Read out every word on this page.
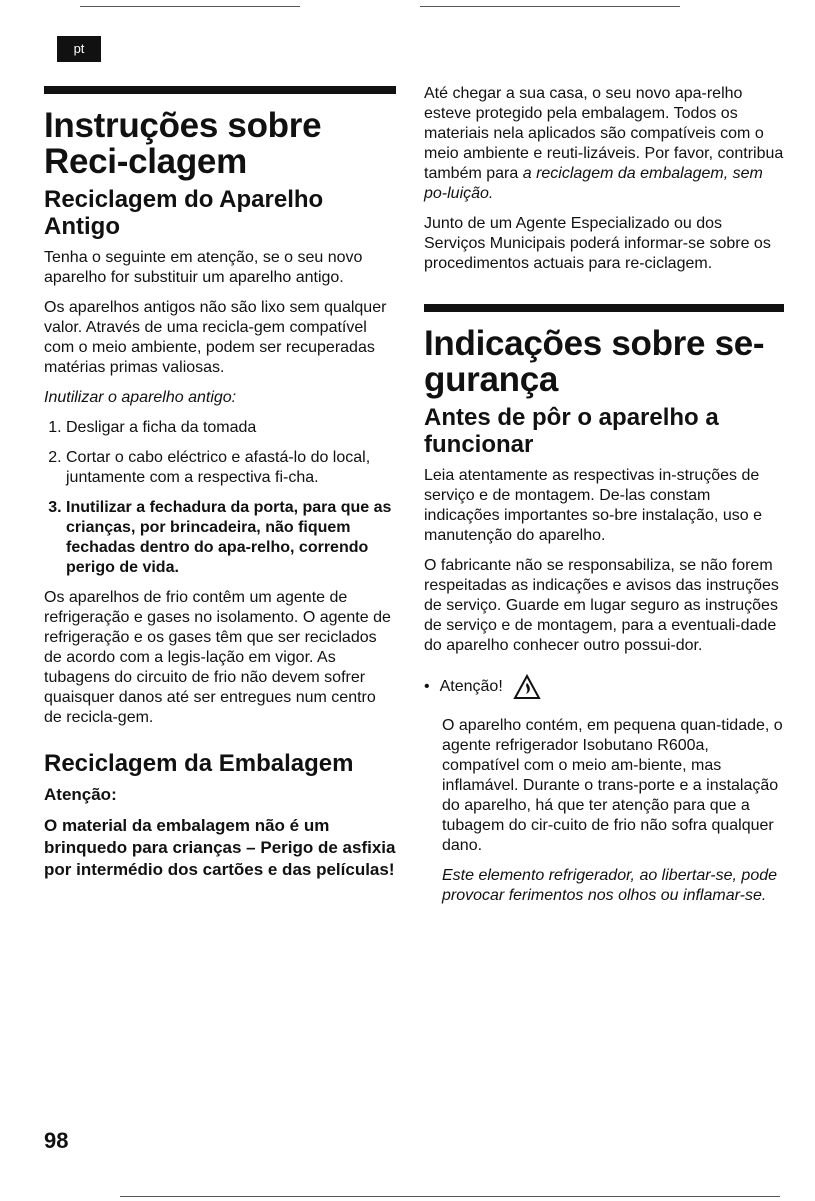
pt
Instruções sobre Reci-clagem
Reciclagem do Aparelho Antigo

Tenha o seguinte em atenção, se o seu novo aparelho for substituir um aparelho antigo.

Os aparelhos antigos não são lixo sem qualquer valor. Através de uma recicla-gem compatível com o meio ambiente, podem ser recuperadas matérias primas valiosas.

Inutilizar o aparelho antigo:

1. Desligar a ficha da tomada
2. Cortar o cabo eléctrico e afastá-lo do local, juntamente com a respectiva fi-cha.
3. Inutilizar a fechadura da porta, para que as crianças, por brincadeira, não fiquem fechadas dentro do apa-relho, correndo perigo de vida.

Os aparelhos de frio contêm um agente de refrigeração e gases no isolamento. O agente de refrigeração e os gases têm que ser reciclados de acordo com a legis-lação em vigor. As tubagens do circuito de frio não devem sofrer quaisquer danos até ser entregues num centro de recicla-gem.

Reciclagem da Embalagem
Atenção:

O material da embalagem não é um brinquedo para crianças – Perigo de asfixia por intermédio dos cartões e das películas!

Até chegar a sua casa, o seu novo apa-relho esteve protegido pela embalagem. Todos os materiais nela aplicados são compatíveis com o meio ambiente e reuti-lizáveis. Por favor, contribua também para a reciclagem da embalagem, sem po-luição.

Junto de um Agente Especializado ou dos Serviços Municipais poderá informar-se sobre os procedimentos actuais para re-ciclagem.

Indicações sobre se-gurança
Antes de pôr o aparelho a funcionar

Leia atentamente as respectivas in-struções de serviço e de montagem. De-las constam indicações importantes so-bre instalação, uso e manutenção do aparelho.

O fabricante não se responsabiliza, se não forem respeitadas as indicações e avisos das instruções de serviço. Guarde em lugar seguro as instruções de serviço e de montagem, para a eventuali-dade do aparelho conhecer outro possui-dor.

• Atenção!

O aparelho contém, em pequena quan-tidade, o agente refrigerador Isobutano R600a, compatível com o meio am-biente, mas inflamável. Durante o trans-porte e a instalação do aparelho, há que ter atenção para que a tubagem do cir-cuito de frio não sofra qualquer dano.

Este elemento refrigerador, ao libertar-se, pode provocar ferimentos nos olhos ou inflamar-se.

98
